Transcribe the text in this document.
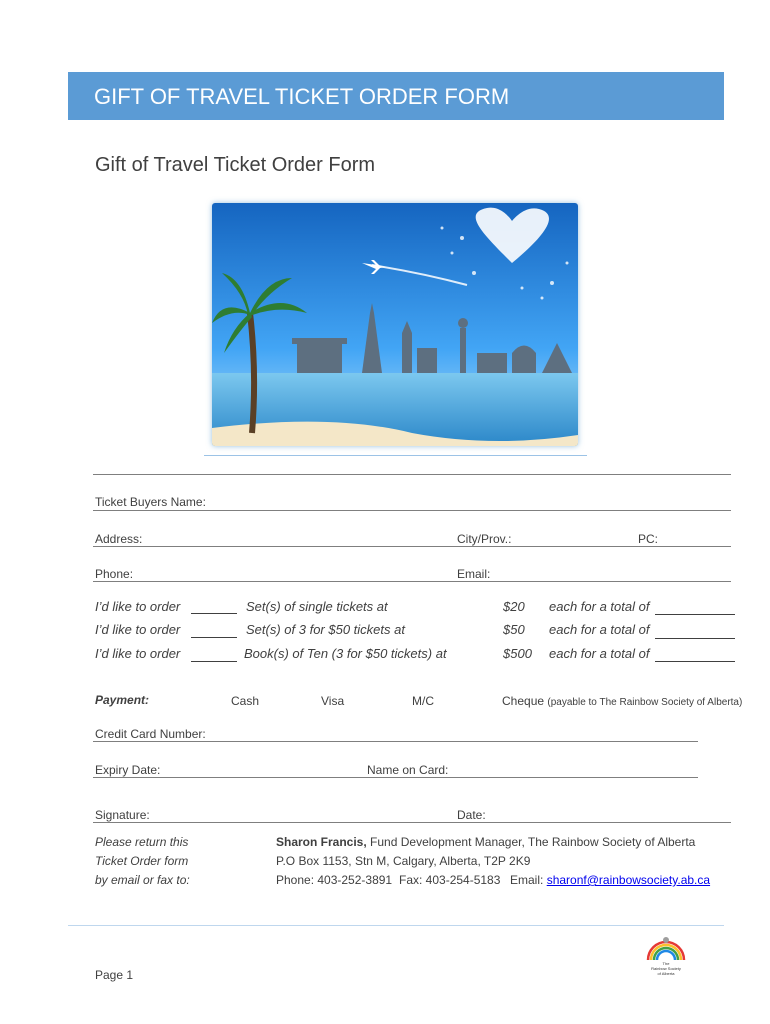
GIFT OF TRAVEL TICKET ORDER FORM
Gift of Travel Ticket Order Form
Ticket Buyers Name:
Address:	City/Prov.:	PC:
Phone:	Email:
I’d like to order	Set(s) of single tickets at	$20 each for a total of
I’d like to order	Set(s) of 3 for $50 tickets at	$50 each for a total of
I’d like to order	Book(s) of Ten (3 for $50 tickets) at	$500 each for a total of
Payment:	Cash	Visa	M/C	Cheque (payable to The Rainbow Society of Alberta)
Credit Card Number:
Expiry Date:	Name on Card:
Signature:	Date:
Please return this
Ticket Order form
by email or fax to:
Sharon Francis, Fund Development Manager, The Rainbow Society of Alberta
P.O Box 1153, Stn M, Calgary, Alberta, T2P 2K9
Phone: 403-252-3891 Fax: 403-254-5183 Email: sharonf@rainbowsociety.ab.ca
The
Rainbow Society
of Alberta
Page 1
